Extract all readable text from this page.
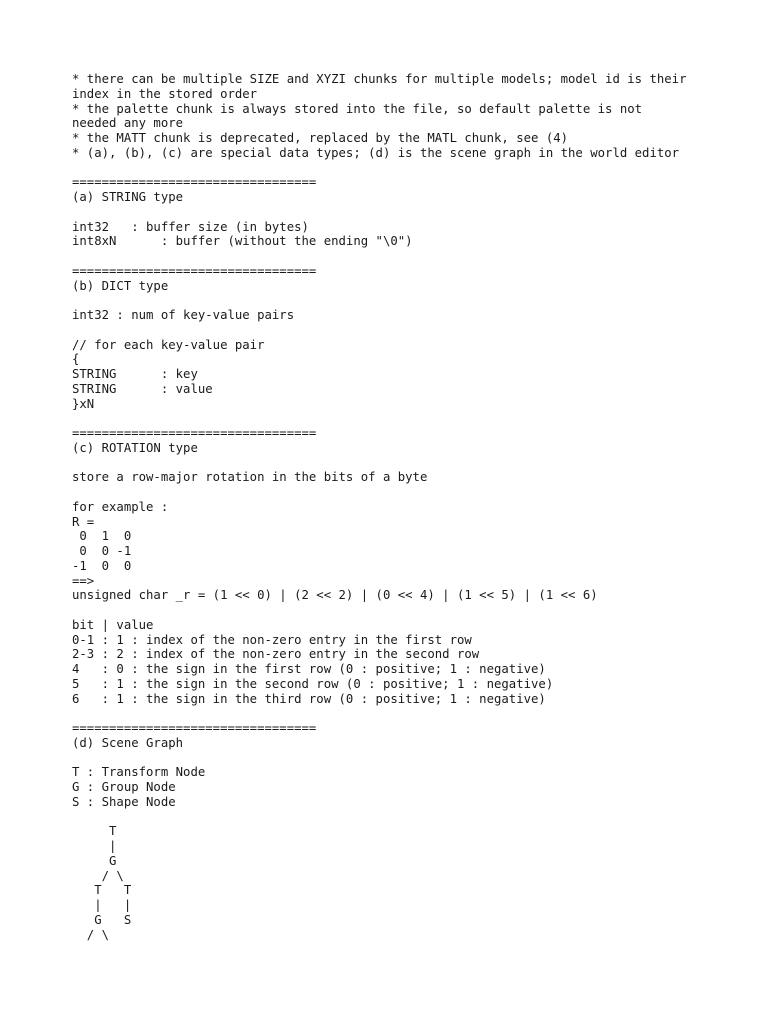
* there can be multiple SIZE and XYZI chunks for multiple models; model id is their
index in the stored order
* the palette chunk is always stored into the file, so default palette is not
needed any more
* the MATT chunk is deprecated, replaced by the MATL chunk, see (4)
* (a), (b), (c) are special data types; (d) is the scene graph in the world editor
=================================
(a) STRING type
int32   : buffer size (in bytes)
int8xN      : buffer (without the ending "\0")
=================================
(b) DICT type
int32 : num of key-value pairs
// for each key-value pair
{
STRING      : key
STRING      : value
}xN
=================================
(c) ROTATION type
store a row-major rotation in the bits of a byte
for example :
R =
0  1  0
0  0 -1
-1  0  0
==>
unsigned char _r = (1 << 0) | (2 << 2) | (0 << 4) | (1 << 5) | (1 << 6)
bit | value
0-1 : 1 : index of the non-zero entry in the first row
2-3 : 2 : index of the non-zero entry in the second row
4   : 0 : the sign in the first row (0 : positive; 1 : negative)
5   : 1 : the sign in the second row (0 : positive; 1 : negative)
6   : 1 : the sign in the third row (0 : positive; 1 : negative)
=================================
(d) Scene Graph
T : Transform Node
G : Group Node
S : Shape Node
T
|
G
/ \
T   T
|   |
G   S
/ \
